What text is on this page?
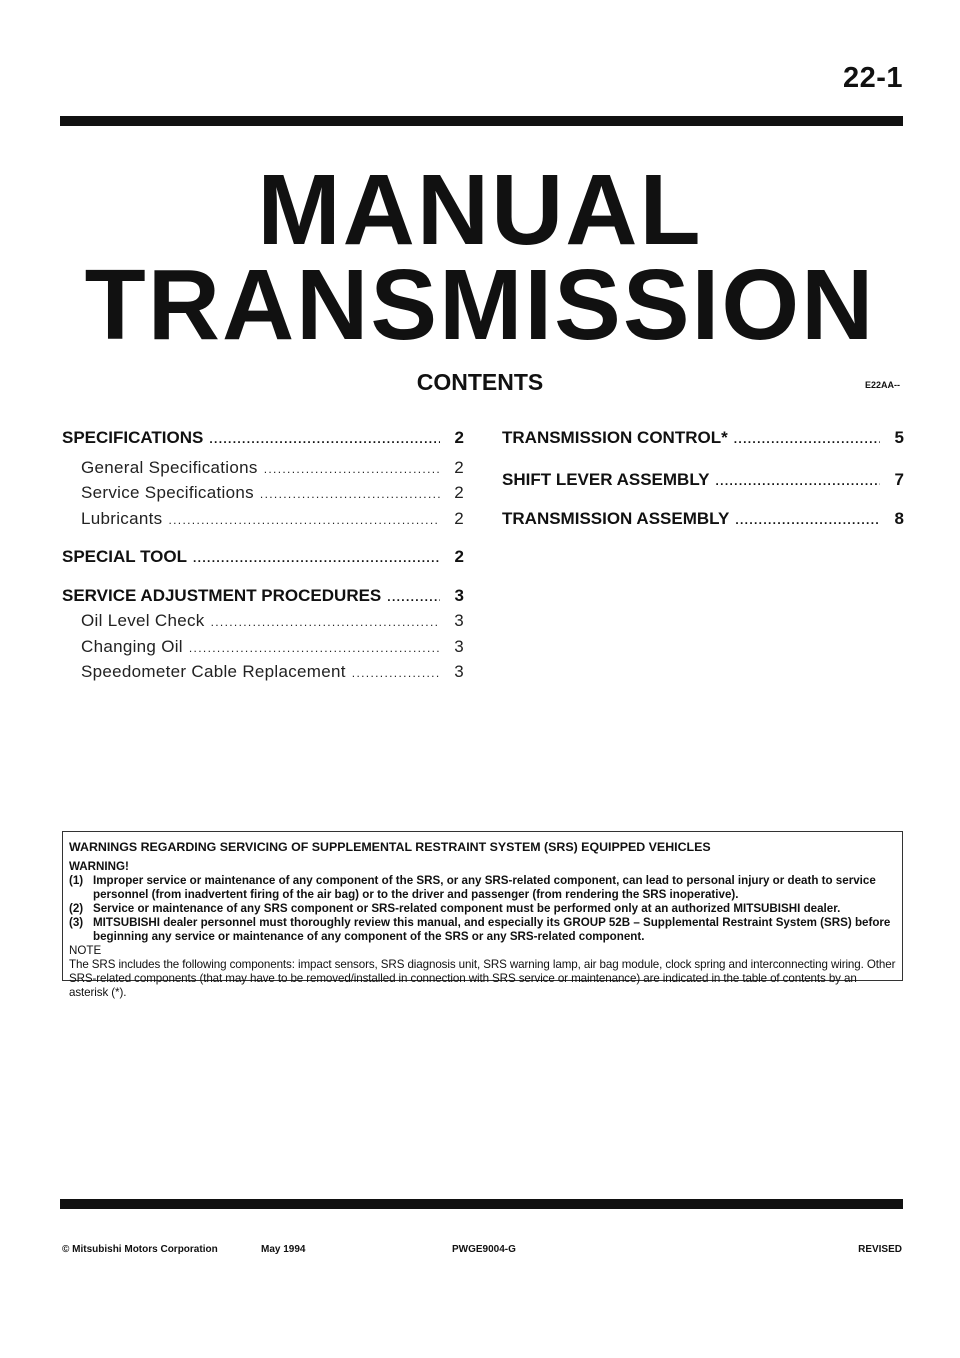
22-1
MANUAL
TRANSMISSION
CONTENTS	E22AA--
SPECIFICATIONS . . .	2
General Specifications . . .	2
Service Specifications . . .	2
Lubricants . . .	2
SPECIAL TOOL . . .	2
SERVICE ADJUSTMENT PROCEDURES . . .	3
Oil Level Check . . .	3
Changing Oil . . .	3
Speedometer Cable Replacement . . .	3
TRANSMISSION CONTROL* . . .	5
SHIFT LEVER ASSEMBLY . . .	7
TRANSMISSION ASSEMBLY . . .	8
WARNINGS REGARDING SERVICING OF SUPPLEMENTAL RESTRAINT SYSTEM (SRS) EQUIPPED VEHICLES
WARNING!
(1) Improper service or maintenance of any component of the SRS, or any SRS-related component, can lead to personal injury or death to service personnel (from inadvertent firing of the air bag) or to the driver and passenger (from rendering the SRS inoperative).
(2) Service or maintenance of any SRS component or SRS-related component must be performed only at an authorized MITSUBISHI dealer.
(3) MITSUBISHI dealer personnel must thoroughly review this manual, and especially its GROUP 52B – Supplemental Restraint System (SRS) before beginning any service or maintenance of any component of the SRS or any SRS-related component.
NOTE
The SRS includes the following components: impact sensors, SRS diagnosis unit, SRS warning lamp, air bag module, clock spring and interconnecting wiring. Other SRS-related components (that may have to be removed/installed in connection with SRS service or maintenance) are indicated in the table of contents by an asterisk (*).
© Mitsubishi Motors Corporation	May 1994	PWGE9004-G	REVISED
